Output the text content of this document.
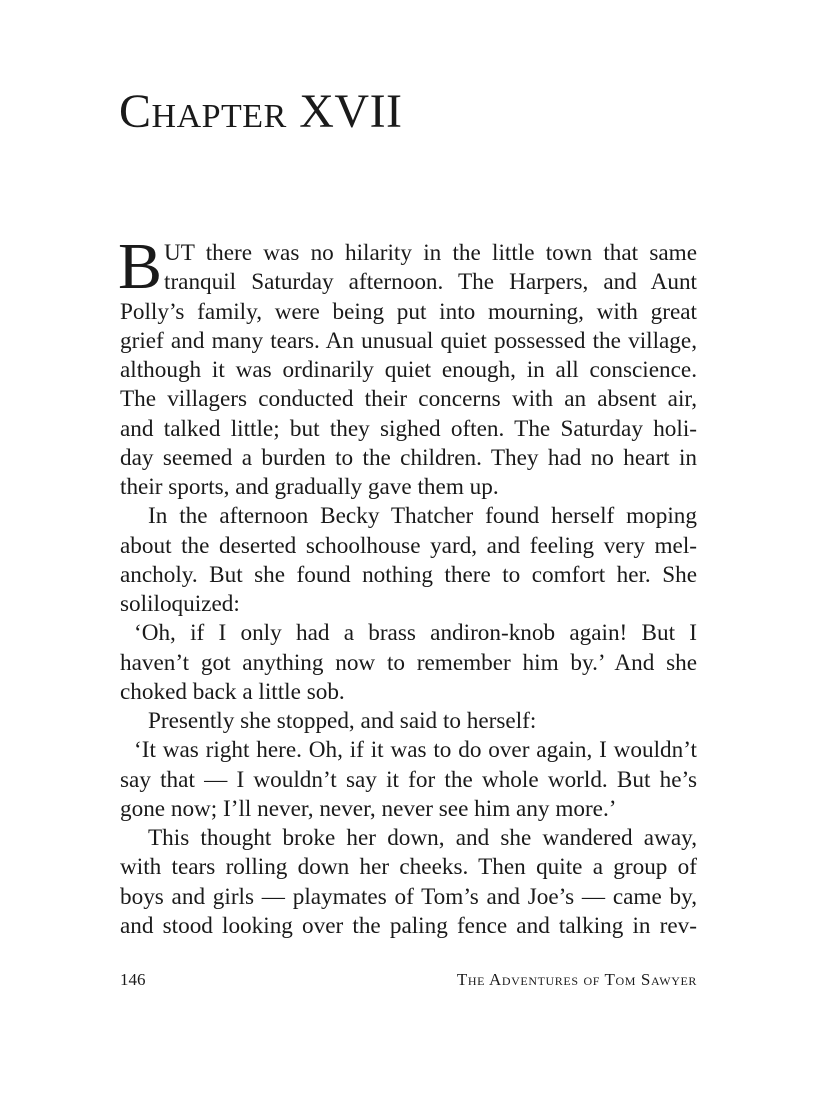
Chapter XVII
B UT there was no hilarity in the little town that same
tranquil Saturday afternoon. The Harpers, and Aunt
Polly’s family, were being put into mourning, with great
grief and many tears. An unusual quiet possessed the village,
although it was ordinarily quiet enough, in all conscience.
The villagers conducted their concerns with an absent air,
and talked little; but they sighed often. The Saturday holi-
day seemed a burden to the children. They had no heart in
their sports, and gradually gave them up.
In the afternoon Becky Thatcher found herself moping
about the deserted schoolhouse yard, and feeling very mel-
ancholy. But she found nothing there to comfort her. She
soliloquized:
‘Oh, if I only had a brass andiron-knob again! But I
haven’t got anything now to remember him by.’ And she
choked back a little sob.
Presently she stopped, and said to herself:
‘It was right here. Oh, if it was to do over again, I wouldn’t
say that — I wouldn’t say it for the whole world. But he’s
gone now; I’ll never, never, never see him any more.’
This thought broke her down, and she wandered away,
with tears rolling down her cheeks. Then quite a group of
boys and girls — playmates of Tom’s and Joe’s — came by,
and stood looking over the paling fence and talking in rev-
146	The Adventures of Tom Sawyer
